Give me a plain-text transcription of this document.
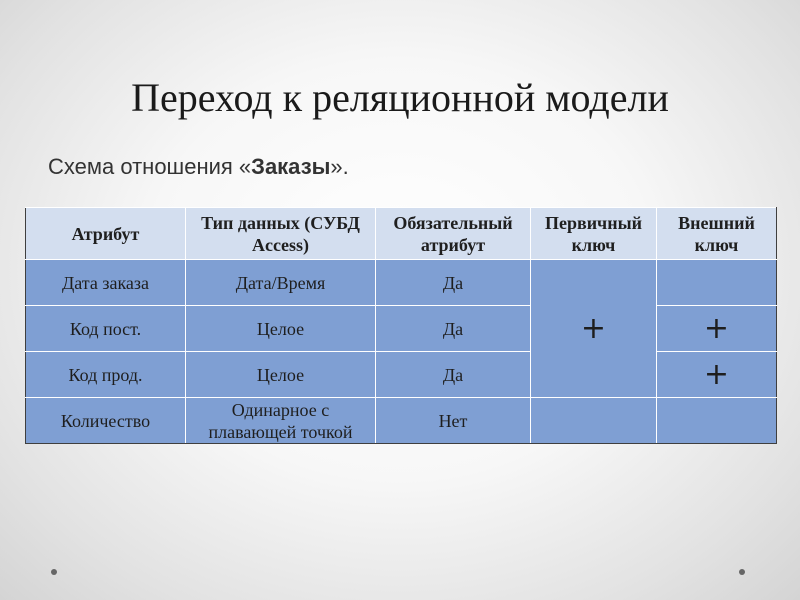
Переход к реляционной модели
Схема отношения «Заказы».
Атрибут	Тип данных (СУБД Access)	Обязательный атрибут	Первичный ключ	Внешний ключ
Дата заказа	Дата/Время	Да	+	
Код пост.	Целое	Да		+
Код прод.	Целое	Да		+
Количество	Одинарное с плавающей точкой	Нет		
